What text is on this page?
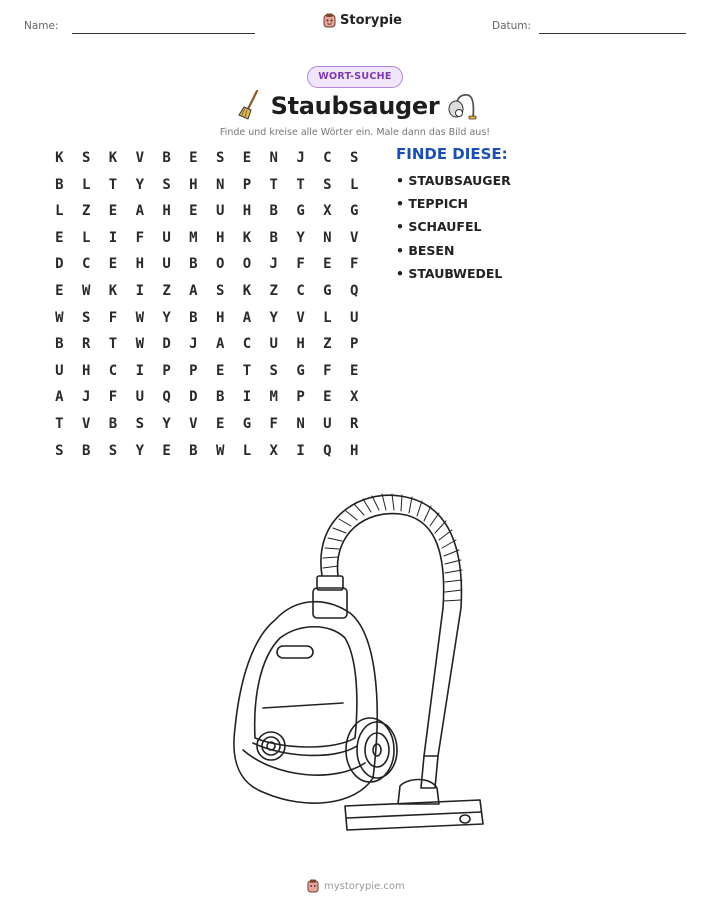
Name:	Storypie	Datum:
WORT-SUCHE
Staubsauger
Finde und kreise alle Wörter ein. Male dann das Bild aus!
K	S	K	V	B	E	S	E	N	J	C	S
B	L	T	Y	S	H	N	P	T	T	S	L
L	Z	E	A	H	E	U	H	B	G	X	G
E	L	I	F	U	M	H	K	B	Y	N	V
D	C	E	H	U	B	O	O	J	F	E	F
E	W	K	I	Z	A	S	K	Z	C	G	Q
W	S	F	W	Y	B	H	A	Y	V	L	U
B	R	T	W	D	J	A	C	U	H	Z	P
U	H	C	I	P	P	E	T	S	G	F	E
A	J	F	U	Q	D	B	I	M	P	E	X
T	V	B	S	Y	V	E	G	F	N	U	R
S	B	S	Y	E	B	W	L	X	I	Q	H
FINDE DIESE:
• STAUBSAUGER
• TEPPICH
• SCHAUFEL
• BESEN
• STAUBWEDEL
mystorypie.com
